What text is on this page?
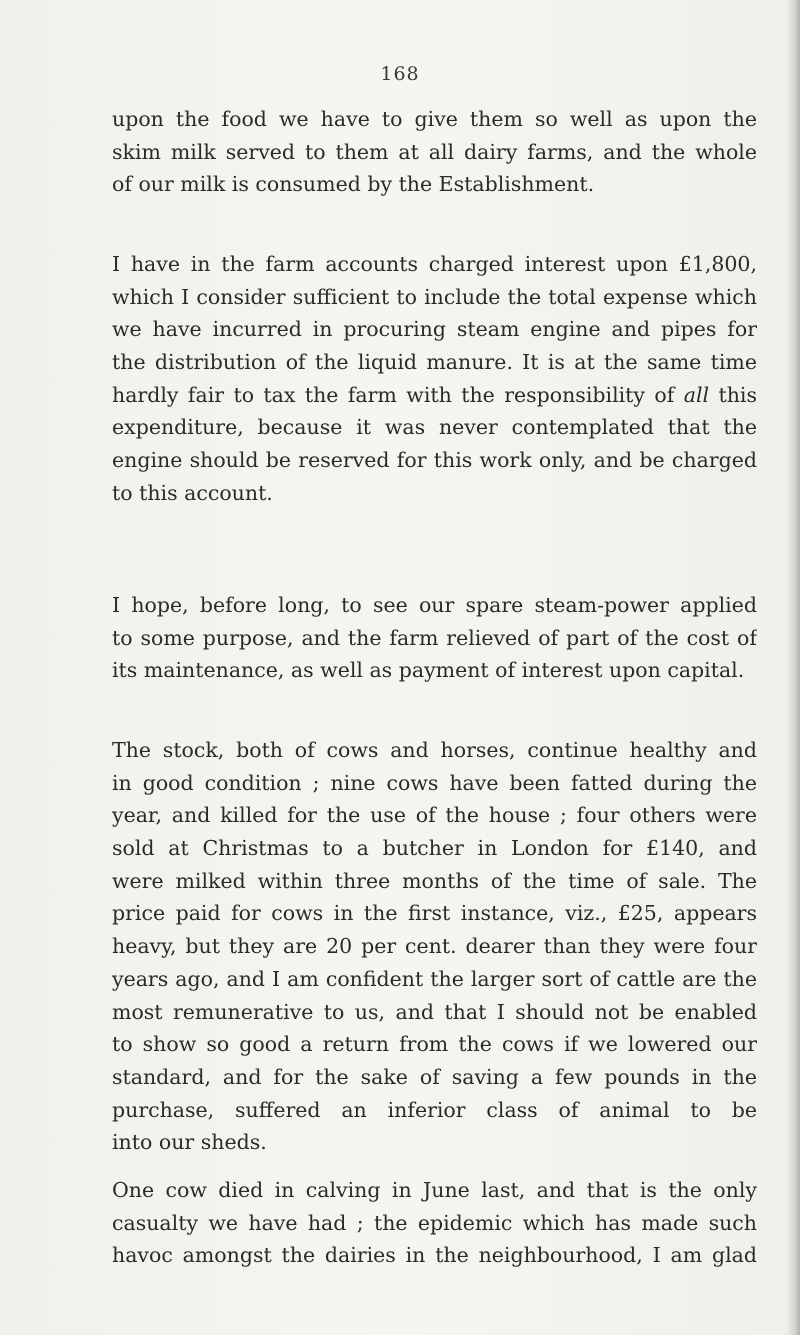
168
upon the food we have to give them so well as upon the
skim milk served to them at all dairy farms, and the whole
of our milk is consumed by the Establishment.
I have in the farm accounts charged interest upon £1,800,
which I consider sufficient to include the total expense which
we have incurred in procuring steam engine and pipes for
the distribution of the liquid manure. It is at the same time
hardly fair to tax the farm with the responsibility of all this
expenditure, because it was never contemplated that the
engine should be reserved for this work only, and be charged
to this account.
I hope, before long, to see our spare steam-power applied
to some purpose, and the farm relieved of part of the cost of
its maintenance, as well as payment of interest upon capital.
The stock, both of cows and horses, continue healthy and
in good condition ; nine cows have been fatted during the
year, and killed for the use of the house ; four others were
sold at Christmas to a butcher in London for £140, and
were milked within three months of the time of sale. The
price paid for cows in the first instance, viz., £25, appears
heavy, but they are 20 per cent. dearer than they were four
years ago, and I am confident the larger sort of cattle are the
most remunerative to us, and that I should not be enabled
to show so good a return from the cows if we lowered our
standard, and for the sake of saving a few pounds in the
purchase, suffered an inferior class of animal to be
into our sheds.
One cow died in calving in June last, and that is the only
casualty we have had ; the epidemic which has made such
havoc amongst the dairies in the neighbourhood, I am glad
